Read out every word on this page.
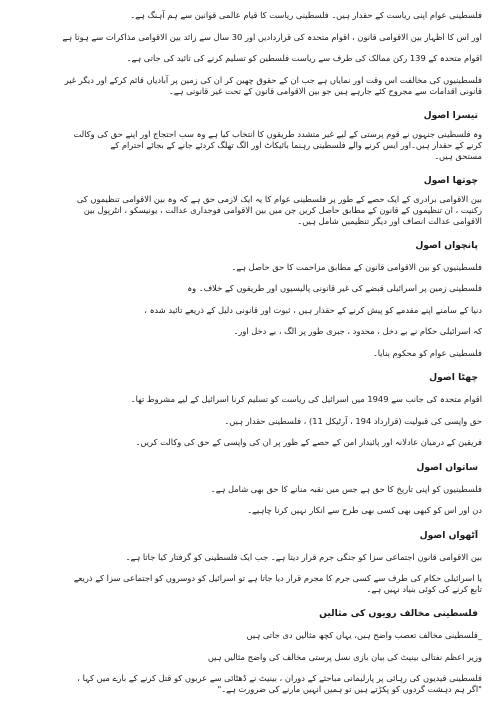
فلسطینی عوام اپنی ریاست کے حقدار ہیں۔ فلسطینی ریاست کا قیام عالمی قوانین سے ہم آہنگ ہے۔
اور اس کا اظہار بین الاقوامی قانون ، اقوام متحدہ کی قراردادیں اور 30 سال سے زائد بین الاقوامی مذاکرات سے ہوتا ہے
اقوام متحدہ کے 139 رکن ممالک کی طرف سے ریاست فلسطین کو تسلیم کرنے کی تائید کی جاتی ہے۔
فلسطینیوں کی مخالفت اس وقت اور نمایاں ہے جب ان کے حقوق چھین کر ان کی زمین پر آبادیاں قائم کرکے اور دیگر غیر
قانونی اقدامات سے مجروح کئے جارہے ہیں جو بین الاقوامی قانون کے تحت غیر قانونی ہے۔
تیسرا اصول
وہ فلسطینی جنہوں نے قوم پرستی کے لیے غیر متشدد طریقوں کا انتخاب کیا ہے وہ سب احتجاج اور اپنے حق کی وکالت
کرنے کے حقدار ہیں۔اور ایس کرنے والے فلسطینی رہنما بائیکاٹ اور الگ تھلگ کردئے جانے کے بجائے احترام کے
مستحق ہیں۔
چوتھا اصول
بین الاقوامی برادری کے ایک حصے کے طور پر فلسطینی عوام کا یہ ایک لازمی حق ہے کہ وہ بین الاقوامی تنظیموں کی
رکنیت ، ان تنظیموں کے قانون کے مطابق حاصل کریں جن میں بین الاقوامی فوجداری عدالت ، یونیسکو ، انٹرپول بین
الاقوامی عدالت انصاف اور دیگر تنظیمیں شامل ہیں۔
پانچواں اصول
فلسطینیوں کو بین الاقوامی قانون کے مطابق مزاحمت کا حق حاصل ہے۔
فلسطینی زمین پر اسرائیلی قبضے کی غیر قانونی پالیسیوں اور طریقوں کے خلاف۔ وہ
دنیا کے سامنے اپنے مقدمے کو پیش کرنے کے حقدار ہیں ، ثبوت اور قانونی دلیل کے ذریعے تائید شدہ ،
کہ اسرائیلی حکام نے بے دخل ، محدود ، جبری طور پر الگ ، بے دخل اور۔
فلسطینی عوام کو محکوم بنایا۔
چھٹا اصول
اقوام متحدہ کی جانب سے 1949 میں اسرائیل کی ریاست کو تسلیم کرنا اسرائیل کے لیے مشروط تھا۔
حق واپسی کی قبولیت (قرارداد 194 ، آرٹیکل 11) ، فلسطینی حقدار ہیں۔
فریقین کے درمیان عادلانہ اور پائیدار امن کے حصے کے طور پر ان کی واپسی کے حق کی وکالت کریں۔
ساتواں اصول
فلسطینیوں کو اپنی تاریخ کا حق ہے جس میں نقبہ منانے کا حق بھی شامل ہے۔
دن اور اس کو کبھی بھی کسی بھی طرح سے انکار نہیں کرنا چاہیے۔
آٹھواں اصول
بین الاقوامی قانون اجتماعی سزا کو جنگی جرم قرار دیتا ہے۔ جب ایک فلسطینی کو گرفتار کیا جاتا ہے۔
یا اسرائیلی حکام کی طرف سے کسی جرم کا مجرم قرار دیا جاتا ہے تو اسرائیل کو دوسروں کو اجتماعی سزا کے ذریعے
تابع کرنے کی کوئی بنیاد نہیں ہے۔
فلسطینی مخالف رویوں کی مثالیں
_فلسطینی مخالف تعصب واضح ہیں، یہاں کچھ مثالیں دی جاتی ہیں
وزیر اعظم نفتالی بینیٹ کی بیان بازی نسل پرستی مخالف کی واضح مثالیں ہیں
فلسطینی قیدیوں کی رہائی پر پارلیمانی مباحثے کے دوران ، بینیٹ نے ڈھٹائی سے عربوں کو قتل کرنے کے بارے میں کہا ،
"اگر ہم دہشت گردوں کو پکڑتے ہیں تو ہمیں انہیں مارنے کی ضرورت ہے۔"
